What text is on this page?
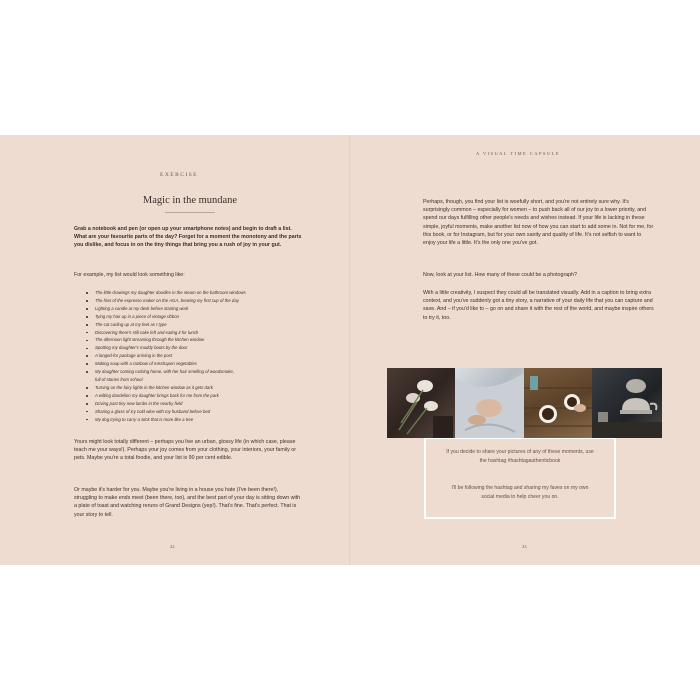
EXERCISE
Magic in the mundane
Grab a notebook and pen (or open up your smartphone notes) and begin to draft a list. What are your favourite parts of the day? Forget for a moment the monotony and the parts you dislike, and focus in on the tiny things that bring you a rush of joy in your gut.
For example, my list would look something like:
The little drawings my daughter doodles in the steam on the bathroom windows
The hiss of the espresso maker on the AGA, brewing my first cup of the day
Lighting a candle at my desk before starting work
Tying my hair up in a piece of vintage ribbon
The cat curling up at my feet as I type
Discovering there's still cake left and eating it for lunch
The afternoon light streaming through the kitchen window
Spotting my daughter's muddy boots by the door
A longed-for package arriving in the post
Making soup with a rainbow of misshapen vegetables
My daughter coming rushing home, with her hair smelling of woodsmoke,
full of stories from school
Turning on the fairy lights in the kitchen window as it gets dark
A wilting dandelion my daughter brings back for me from the park
Driving past tiny new lambs in the nearby field
Sharing a glass of icy cold wine with my husband before bed
My dog trying to carry a stick that is more like a tree
Yours might look totally different – perhaps you live an urban, glossy life (in which case, please teach me your ways!). Perhaps your joy comes from your clothing, your interiors, your family or pets. Maybe you're a total foodie, and your list is 90 per cent edible.
Or maybe it's harder for you. Maybe you're living in a house you hate (I've been there!), struggling to make ends meet (been there, too), and the best part of your day is sitting down with a plate of toast and watching reruns of Grand Designs (yep!). That's fine. That's perfect. That is your story to tell.
22
A VISUAL TIME CAPSULE
Perhaps, though, you find your list is woefully short, and you're not entirely sure why. It's surprisingly common – especially for women – to push back all of our joy to a lower priority, and spend our days fulfilling other people's needs and wishes instead. If your life is lacking in these simple, joyful moments, make another list now of how you can start to add some in. Not for me, for this book, or for Instagram, but for your own sanity and quality of life. It's not selfish to want to enjoy your life a little. It's the only one you've got.
Now, look at your list. How many of these could be a photograph?
With a little creativity, I suspect they could all be translated visually. Add in a caption to bring extra context, and you've suddenly got a tiny story, a narrative of your daily life that you can capture and save. And – if you'd like to – go on and share it with the rest of the world, and maybe inspire others to try it, too.
If you decide to share your pictures of any of these moments, use the hashtag #hashtagauthenticbook
I'll be following the hashtag and sharing my faves on my own social media to help cheer you on.
23
